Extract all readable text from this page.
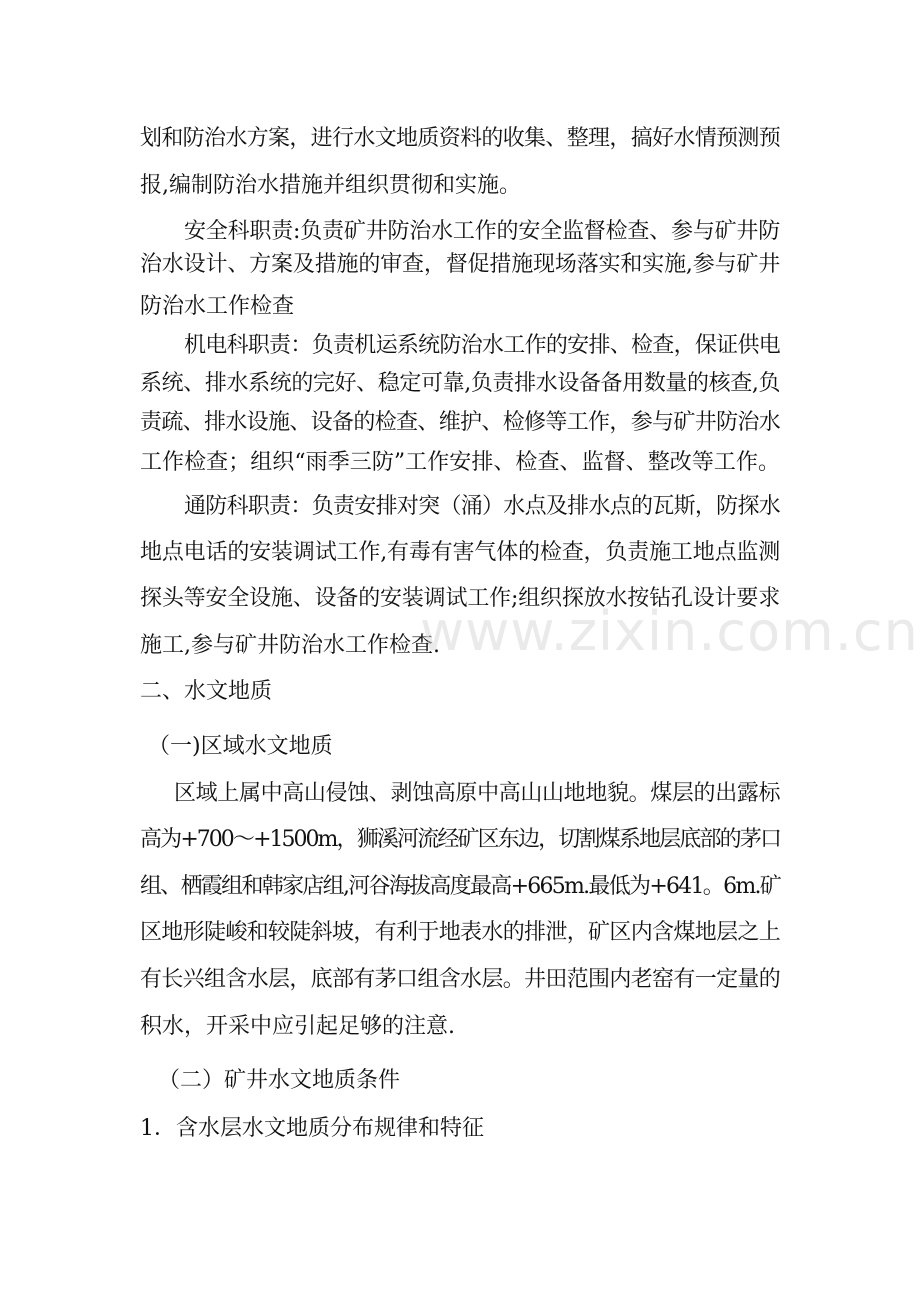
划和防治水方案，进行水文地质资料的收集、整理，搞好水情预测预
报,编制防治水措施并组织贯彻和实施。
安全科职责:负责矿井防治水工作的安全监督检查、参与矿井防
治水设计、方案及措施的审查，督促措施现场落实和实施,参与矿井
防治水工作检查
机电科职责：负责机运系统防治水工作的安排、检查，保证供电
系统、排水系统的完好、稳定可靠,负责排水设备备用数量的核查,负
责疏、排水设施、设备的检查、维护、检修等工作，参与矿井防治水
工作检查；组织“雨季三防”工作安排、检查、监督、整改等工作。
通防科职责：负责安排对突（涌）水点及排水点的瓦斯，防探水
地点电话的安装调试工作,有毒有害气体的检查，负责施工地点监测
探头等安全设施、设备的安装调试工作;组织探放水按钻孔设计要求
施工,参与矿井防治水工作检查.
二、水文地质
（一)区域水文地质
区域上属中高山侵蚀、剥蚀高原中高山山地地貌。煤层的出露标
高为+700～+1500m，狮溪河流经矿区东边，切割煤系地层底部的茅口
组、栖霞组和韩家店组,河谷海拔高度最高+665m.最低为+641。6m.矿
区地形陡峻和较陡斜坡，有利于地表水的排泄，矿区内含煤地层之上
有长兴组含水层，底部有茅口组含水层。井田范围内老窑有一定量的
积水，开采中应引起足够的注意.
（二）矿井水文地质条件
1．含水层水文地质分布规律和特征
www.zixin.com.cn
